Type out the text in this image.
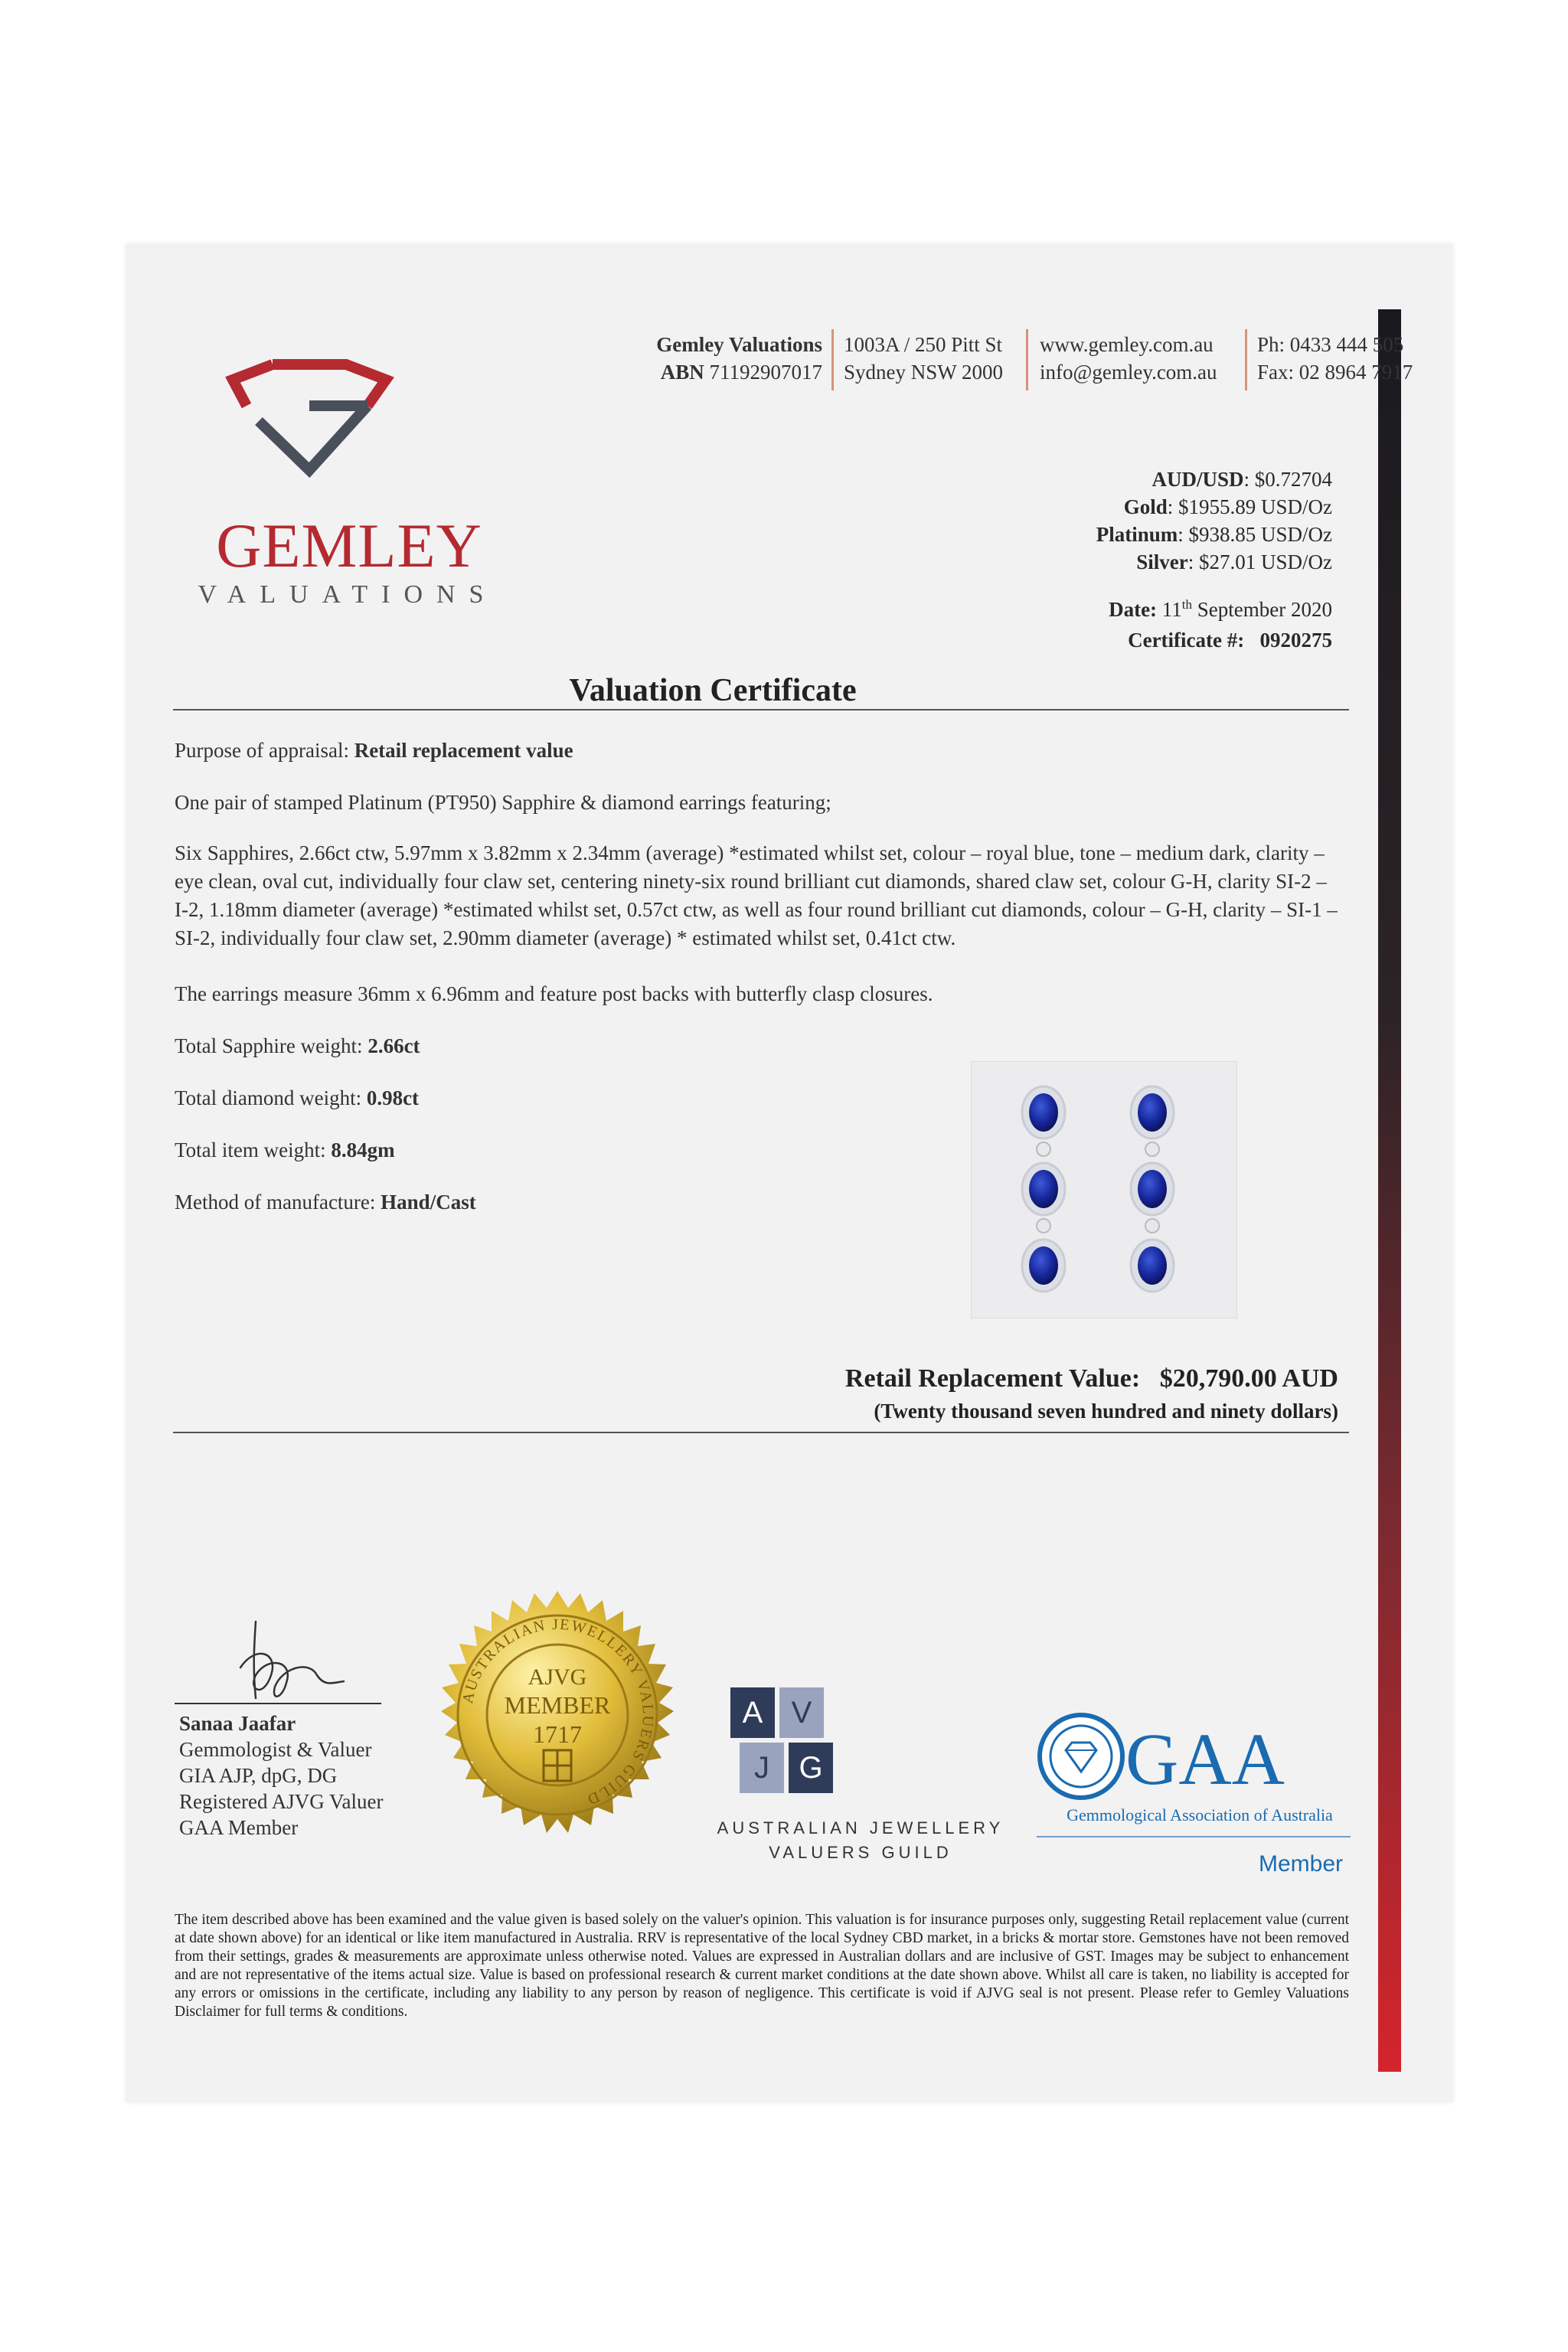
GEMLEY
VALUATIONS
Gemley Valuations
ABN 71192907017
1003A / 250 Pitt St
Sydney NSW 2000
www.gemley.com.au
info@gemley.com.au
Ph: 0433 444 505
Fax: 02 8964 7917
AUD/USD: $0.72704
Gold: $1955.89 USD/Oz
Platinum: $938.85 USD/Oz
Silver: $27.01 USD/Oz
Date: 11th September 2020
Certificate #: 0920275
Valuation Certificate
Purpose of appraisal: Retail replacement value
One pair of stamped Platinum (PT950) Sapphire & diamond earrings featuring;
Six Sapphires, 2.66ct ctw, 5.97mm x 3.82mm x 2.34mm (average) *estimated whilst set, colour – royal blue, tone – medium dark, clarity – eye clean, oval cut, individually four claw set, centering ninety-six round brilliant cut diamonds, shared claw set, colour G-H, clarity SI-2 – I-2, 1.18mm diameter (average) *estimated whilst set, 0.57ct ctw, as well as four round brilliant cut diamonds, colour – G-H, clarity – SI-1 – SI-2, individually four claw set, 2.90mm diameter (average) * estimated whilst set, 0.41ct ctw.
The earrings measure 36mm x 6.96mm and feature post backs with butterfly clasp closures.
Total Sapphire weight: 2.66ct
Total diamond weight: 0.98ct
Total item weight: 8.84gm
Method of manufacture: Hand/Cast
Retail Replacement Value: $20,790.00 AUD
(Twenty thousand seven hundred and ninety dollars)
Sanaa Jaafar
Gemmologist & Valuer
GIA AJP, dpG, DG
Registered AJVG Valuer
GAA Member
AUSTRALIAN JEWELLERY VALUERS GUILD
AJVG
MEMBER
1717
A V
J G
AUSTRALIAN JEWELLERY
VALUERS GUILD
GAA
Gemmological Association of Australia
Member
The item described above has been examined and the value given is based solely on the valuer's opinion. This valuation is for insurance purposes only, suggesting Retail replacement value (current at date shown above) for an identical or like item manufactured in Australia. RRV is representative of the local Sydney CBD market, in a bricks & mortar store. Gemstones have not been removed from their settings, grades & measurements are approximate unless otherwise noted. Values are expressed in Australian dollars and are inclusive of GST. Images may be subject to enhancement and are not representative of the items actual size. Value is based on professional research & current market conditions at the date shown above. Whilst all care is taken, no liability is accepted for any errors or omissions in the certificate, including any liability to any person by reason of negligence. This certificate is void if AJVG seal is not present. Please refer to Gemley Valuations Disclaimer for full terms & conditions.
